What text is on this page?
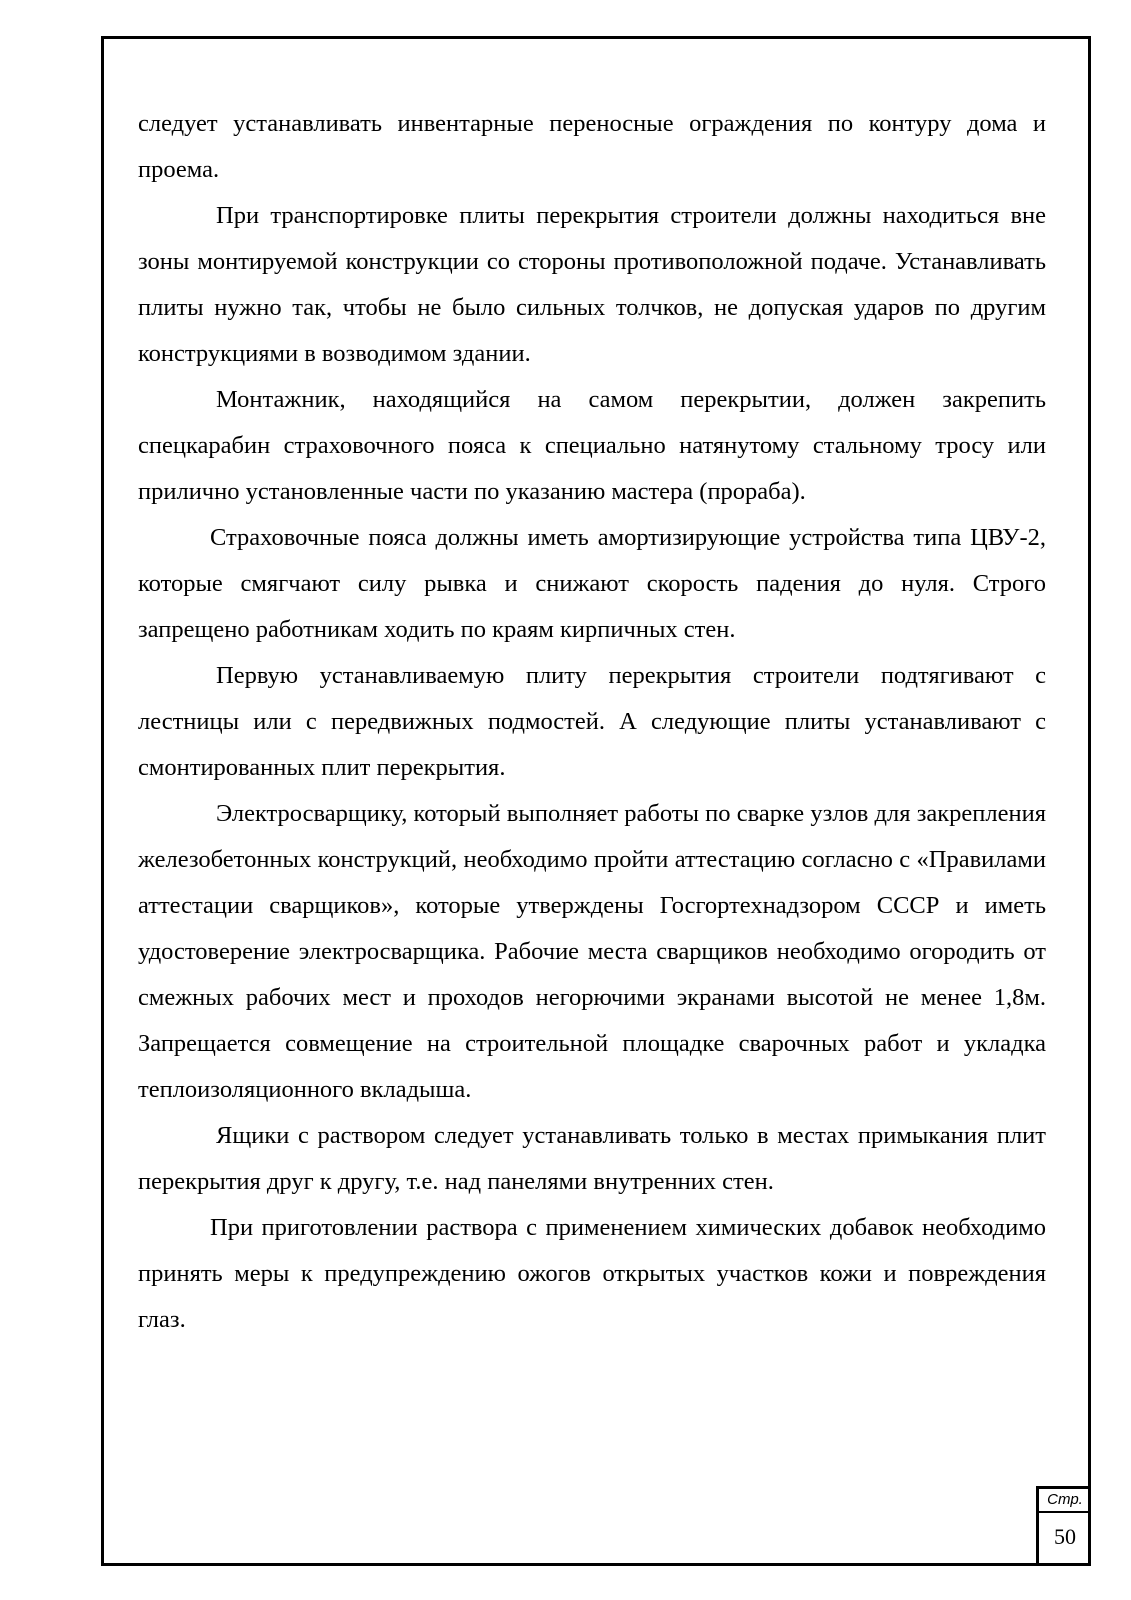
следует устанавливать инвентарные переносные ограждения по контуру дома и проема.

При транспортировке плиты перекрытия строители должны находиться вне зоны монтируемой конструкции со стороны противоположной подаче. Устанавливать плиты нужно так, чтобы не было сильных толчков, не допуская ударов по другим конструкциями в возводимом здании.

Монтажник, находящийся на самом перекрытии, должен закрепить спецкарабин страховочного пояса к специально натянутому стальному тросу или прилично установленные части по указанию мастера (прораба).

Страховочные пояса должны иметь амортизирующие устройства типа ЦВУ-2, которые смягчают силу рывка и снижают скорость падения до нуля. Строго запрещено работникам ходить по краям кирпичных стен.

Первую устанавливаемую плиту перекрытия строители подтягивают с лестницы или с передвижных подмостей. А следующие плиты устанавливают с смонтированных плит перекрытия.

Электросварщику, который выполняет работы по сварке узлов для закрепления железобетонных конструкций, необходимо пройти аттестацию согласно с «Правилами аттестации сварщиков», которые утверждены Госгортехнадзором СССР и иметь удостоверение электросварщика. Рабочие места сварщиков необходимо огородить от смежных рабочих мест и проходов негорючими экранами высотой не менее 1,8м. Запрещается совмещение на строительной площадке сварочных работ и укладка теплоизоляционного вкладыша.

Ящики с раствором следует устанавливать только в местах примыкания плит перекрытия друг к другу, т.е. над панелями внутренних стен.

При приготовлении раствора с применением химических добавок необходимо принять меры к предупреждению ожогов открытых участков кожи и повреждения глаз.

Стр.
50
